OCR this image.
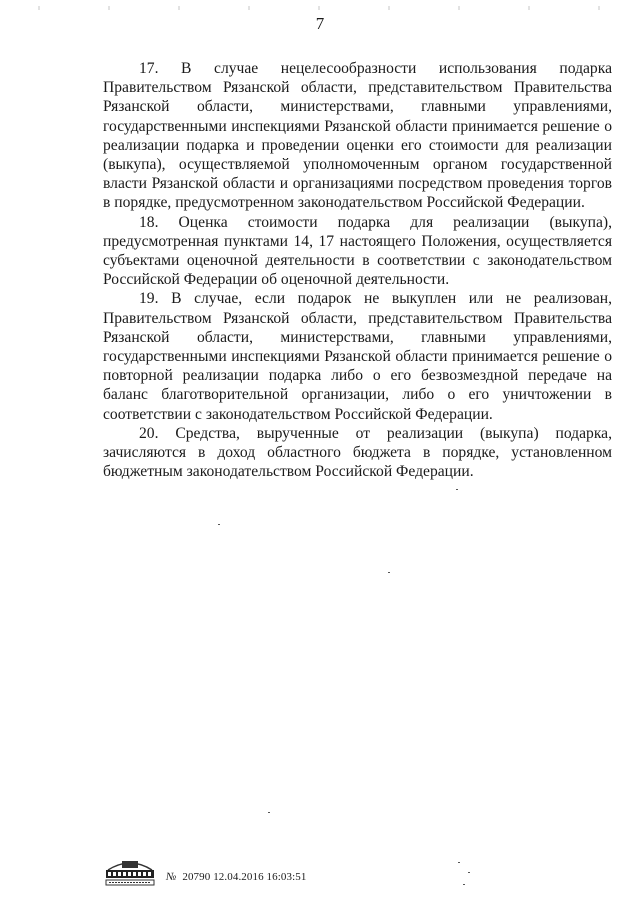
7

17. В случае нецелесообразности использования подарка Правительством Рязанской области, представительством Правительства Рязанской области, министерствами, главными управлениями, государственными инспекциями Рязанской области принимается решение о реализации подарка и проведении оценки его стоимости для реализации (выкупа), осуществляемой уполномоченным органом государственной власти Рязанской области и организациями посредством проведения торгов в порядке, предусмотренном законодательством Российской Федерации.

18. Оценка стоимости подарка для реализации (выкупа), предусмотренная пунктами 14, 17 настоящего Положения, осуществляется субъектами оценочной деятельности в соответствии с законодательством Российской Федерации об оценочной деятельности.

19. В случае, если подарок не выкуплен или не реализован, Правительством Рязанской области, представительством Правительства Рязанской области, министерствами, главными управлениями, государственными инспекциями Рязанской области принимается решение о повторной реализации подарка либо о его безвозмездной передаче на баланс благотворительной организации, либо о его уничтожении в соответствии с законодательством Российской Федерации.

20. Средства, вырученные от реализации (выкупа) подарка, зачисляются в доход областного бюджета в порядке, установленном бюджетным законодательством Российской Федерации.

№ 20790 12.04.2016 16:03:51
